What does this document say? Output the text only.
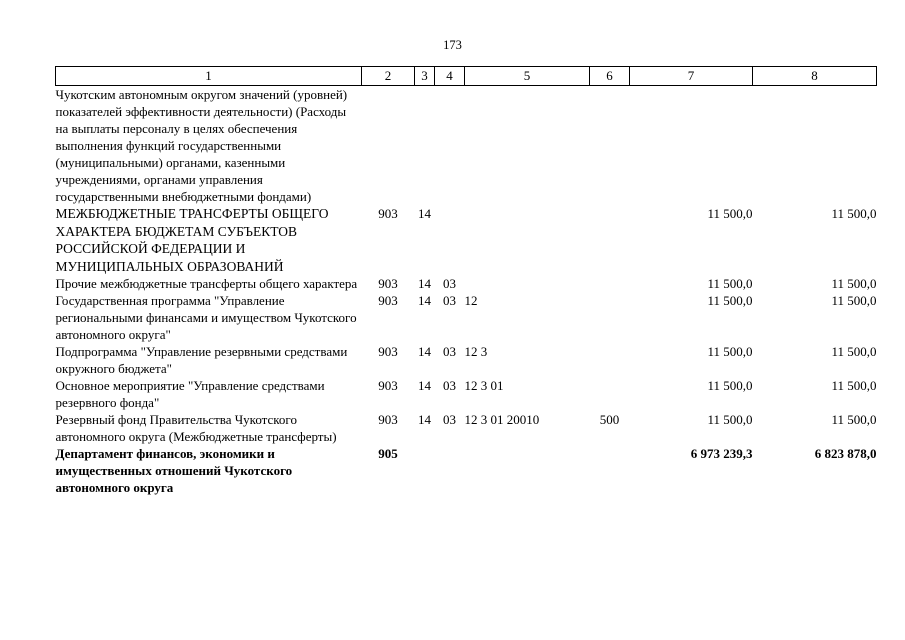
173
1	2	3	4	5	6	7	8
Чукотским автономным округом значений (уровней) показателей эффективности деятельности) (Расходы на выплаты персоналу в целях обеспечения выполнения функций государственными (муниципальными) органами, казенными учреждениями, органами управления государственными внебюджетными фондами)							
МЕЖБЮДЖЕТНЫЕ ТРАНСФЕРТЫ ОБЩЕГО ХАРАКТЕРА БЮДЖЕТАМ СУБЪЕКТОВ РОССИЙСКОЙ ФЕДЕРАЦИИ И МУНИЦИПАЛЬНЫХ ОБРАЗОВАНИЙ	903	14				11 500,0	11 500,0
Прочие межбюджетные трансферты общего характера	903	14	03			11 500,0	11 500,0
Государственная программа "Управление региональными финансами и имуществом Чукотского автономного округа"	903	14	03	12		11 500,0	11 500,0
Подпрограмма "Управление резервными средствами окружного бюджета"	903	14	03	12 3		11 500,0	11 500,0
Основное мероприятие "Управление средствами резервного фонда"	903	14	03	12 3 01		11 500,0	11 500,0
Резервный фонд Правительства Чукотского автономного округа (Межбюджетные трансферты)	903	14	03	12 3 01 20010	500	11 500,0	11 500,0
Департамент финансов, экономики и имущественных отношений Чукотского автономного округа	905					6 973 239,3	6 823 878,0
